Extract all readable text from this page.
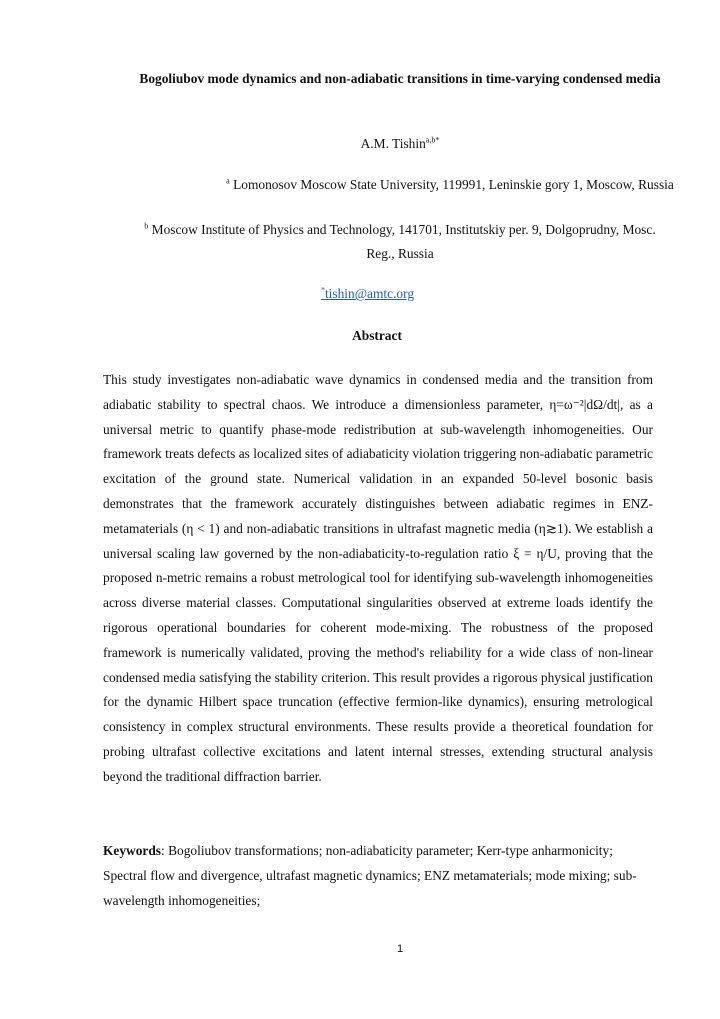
Bogoliubov mode dynamics and non-adiabatic transitions in time-varying condensed media
A.M. Tishin$^{a,b*}$
$^a$ Lomonosov Moscow State University, 119991, Leninskie gory 1, Moscow, Russia
$^b$ Moscow Institute of Physics and Technology, 141701, Institutskiy per. 9, Dolgoprudny, Mosc. Reg., Russia
*tishin@amtc.org
Abstract
This study investigates non-adiabatic wave dynamics in condensed media and the transition from adiabatic stability to spectral chaos. We introduce a dimensionless parameter, η=ω⁻²|dΩ/dt|, as a universal metric to quantify phase-mode redistribution at sub-wavelength inhomogeneities. Our framework treats defects as localized sites of adiabaticity violation triggering non-adiabatic parametric excitation of the ground state. Numerical validation in an expanded 50-level bosonic basis demonstrates that the framework accurately distinguishes between adiabatic regimes in ENZ-metamaterials (η < 1) and non-adiabatic transitions in ultrafast magnetic media (η≳1). We establish a universal scaling law governed by the non-adiabaticity-to-regulation ratio ξ = η/U, proving that the proposed n-metric remains a robust metrological tool for identifying sub-wavelength inhomogeneities across diverse material classes. Computational singularities observed at extreme loads identify the rigorous operational boundaries for coherent mode-mixing. The robustness of the proposed framework is numerically validated, proving the method's reliability for a wide class of non-linear condensed media satisfying the stability criterion. This result provides a rigorous physical justification for the dynamic Hilbert space truncation (effective fermion-like dynamics), ensuring metrological consistency in complex structural environments. These results provide a theoretical foundation for probing ultrafast collective excitations and latent internal stresses, extending structural analysis beyond the traditional diffraction barrier.
Keywords: Bogoliubov transformations; non-adiabaticity parameter; Kerr-type anharmonicity; Spectral flow and divergence, ultrafast magnetic dynamics; ENZ metamaterials; mode mixing; sub-wavelength inhomogeneities;
1
